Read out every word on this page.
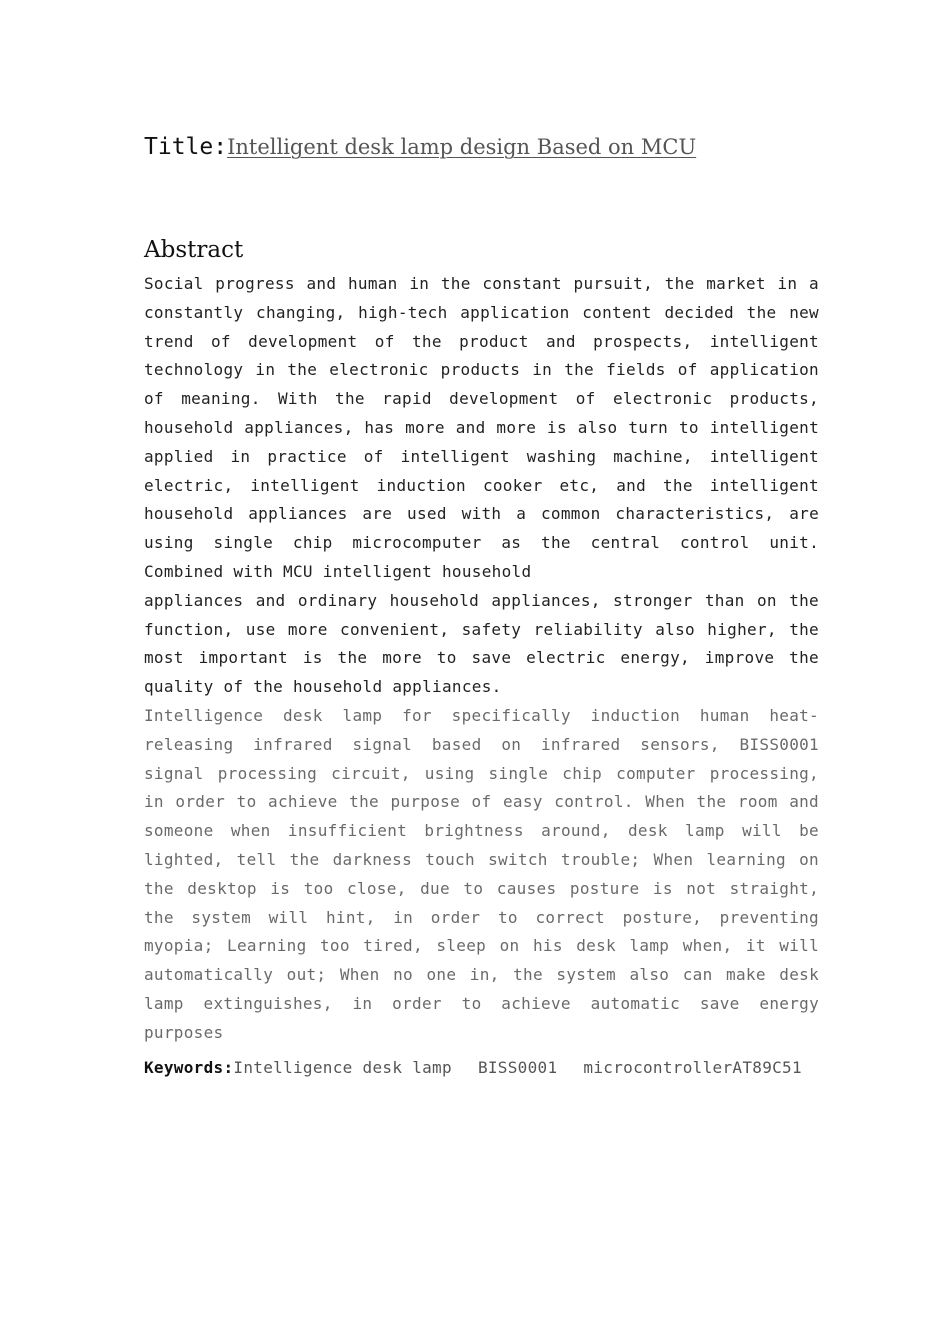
Title:Intelligent desk lamp design Based on MCU
Abstract

Social progress and human in the constant pursuit, the market in a constantly changing, high-tech application content decided the new trend of development of the product and prospects, intelligent technology in the electronic products in the fields of application of meaning. With the rapid development of electronic products, household appliances, has more and more is also turn to intelligent applied in practice of intelligent washing machine, intelligent electric, intelligent induction cooker etc, and the intelligent household appliances are used with a common characteristics, are using single chip microcomputer as the central control unit. Combined with MCU intelligent household

appliances and ordinary household appliances, stronger than on the function, use more convenient, safety reliability also higher, the most important is the more to save electric energy, improve the quality of the household appliances.

Intelligence desk lamp for specifically induction human heat-releasing infrared signal based on infrared sensors, BISS0001 signal processing circuit, using single chip computer processing, in order to achieve the purpose of easy control. When the room and someone when insufficient brightness around, desk lamp will be lighted, tell the darkness touch switch trouble; When learning on the desktop is too close, due to causes posture is not straight, the system will hint, in order to correct posture, preventing myopia; Learning too tired, sleep on his desk lamp when, it will automatically out; When no one in, the system also can make desk lamp extinguishes, in order to achieve automatic save energy purposes

Keywords:Intelligence desk lamp BISS0001 microcontrollerAT89C51
